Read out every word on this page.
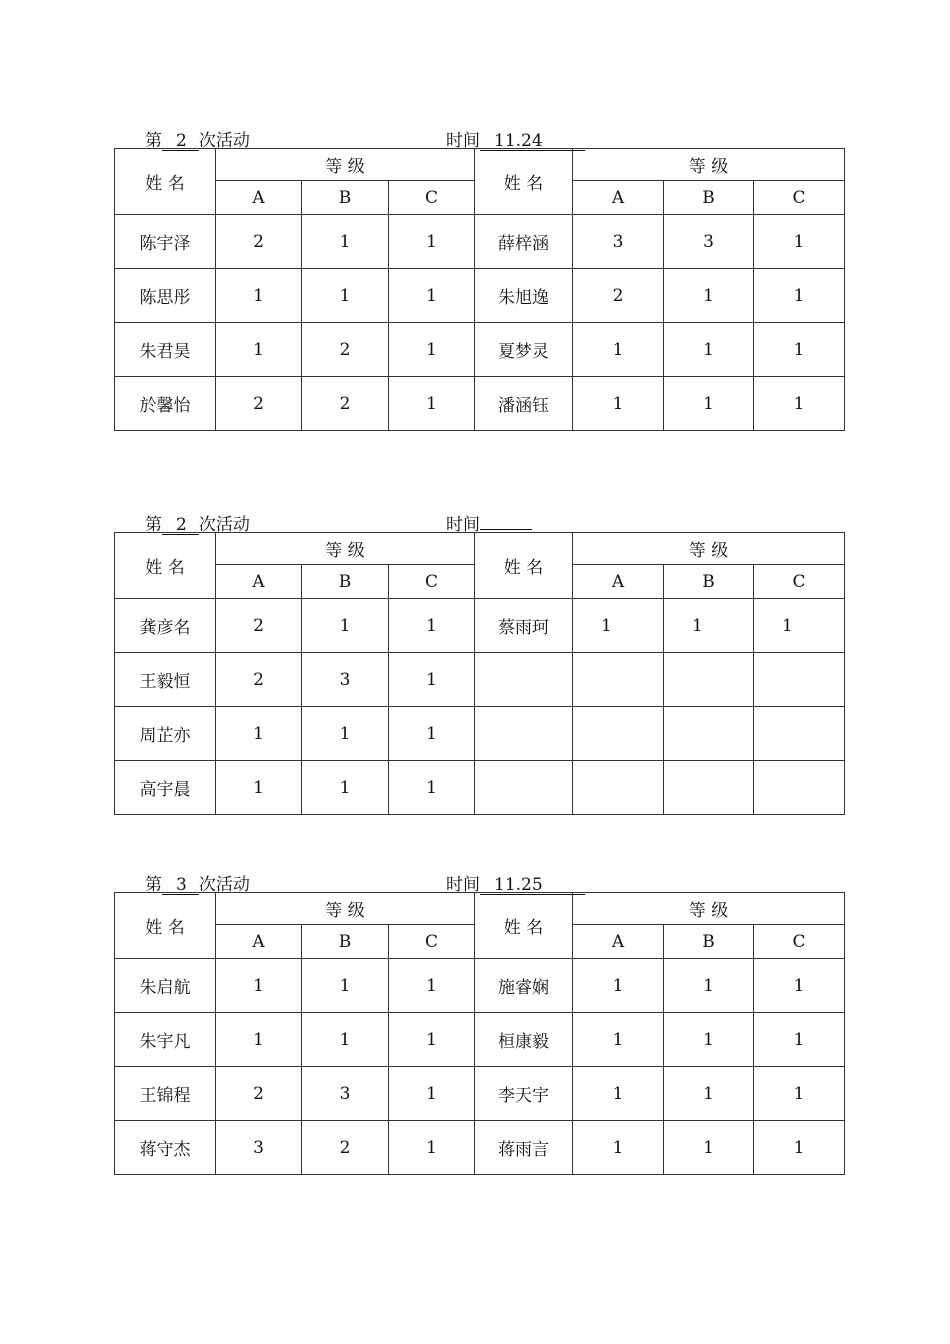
第 2 次活动	时间 11.24
姓 名	等 级			姓 名	等 级		
	A	B	C		A	B	C
陈宇泽	2	1	1	薛梓涵	3	3	1
陈思彤	1	1	1	朱旭逸	2	1	1
朱君昊	1	2	1	夏梦灵	1	1	1
於馨怡	2	2	1	潘涵钰	1	1	1
第 2 次活动	时间
姓 名	等 级			姓 名	等 级		
	A	B	C		A	B	C
龚彦名	2	1	1	蔡雨珂	1	1	1
王毅恒	2	3	1				
周芷亦	1	1	1				
高宇晨	1	1	1				
第 3 次活动	时间 11.25
姓 名	等 级			姓 名	等 级		
	A	B	C		A	B	C
朱启航	1	1	1	施睿娴	1	1	1
朱宇凡	1	1	1	桓康毅	1	1	1
王锦程	2	3	1	李天宇	1	1	1
蒋守杰	3	2	1	蒋雨言	1	1	1
